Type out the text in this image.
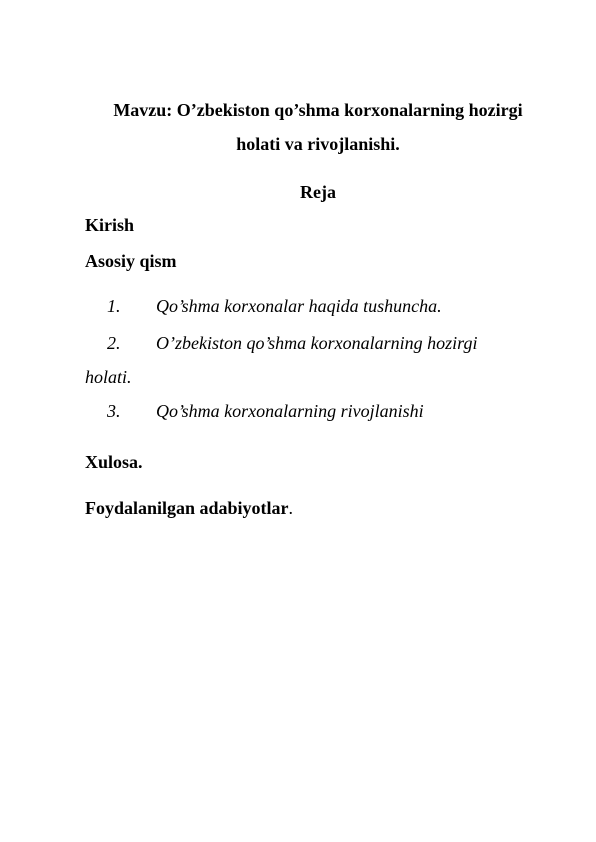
Mavzu: O’zbekiston qo’shma korxonalarning hozirgi
holati va rivojlanishi.
Reja
Kirish
Asosiy qism
1. Qo’shma korxonalar haqida tushuncha.
2. O’zbekiston qo’shma korxonalarning hozirgi
holati.
3. Qo’shma korxonalarning rivojlanishi
Xulosa.
Foydalanilgan adabiyotlar.
